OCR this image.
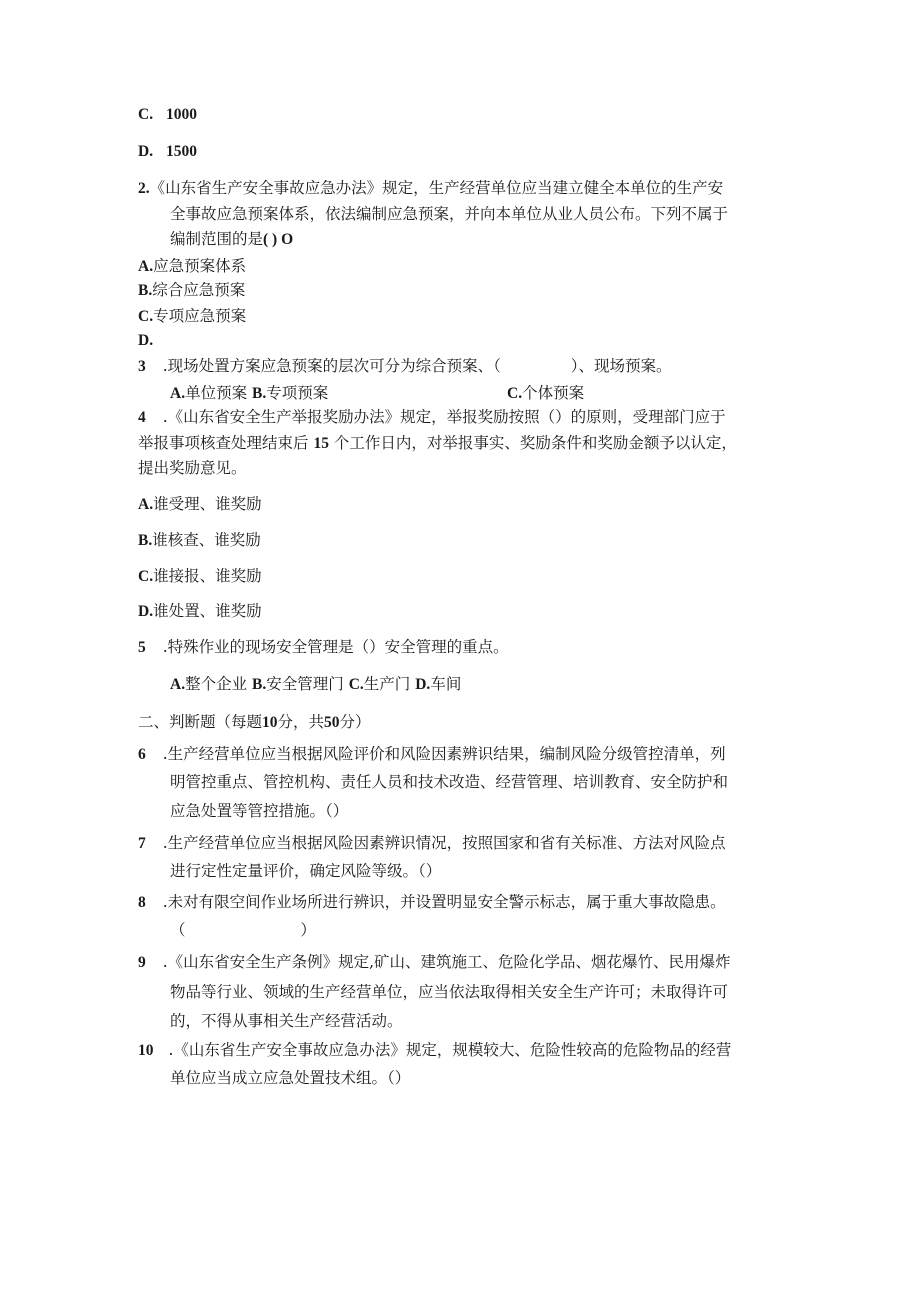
C. 1000
D. 1500
2.《山东省生产安全事故应急办法》规定，生产经营单位应当建立健全本单位的生产安
全事故应急预案体系，依法编制应急预案，并向本单位从业人员公布。下列不属于
编制范围的是( ) O
A.应急预案体系
B.综合应急预案
C.专项应急预案
D.
3 .现场处置方案应急预案的层次可分为综合预案、（	）、现场预案。
A.单位预案 B.专项预案	C.个体预案
4 .《山东省安全生产举报奖励办法》规定，举报奖励按照（）的原则，受理部门应于
举报事项核查处理结束后 15 个工作日内，对举报事实、奖励条件和奖励金额予以认定，
提出奖励意见。
A.谁受理、谁奖励
B.谁核查、谁奖励
C.谁接报、谁奖励
D.谁处置、谁奖励
5 .特殊作业的现场安全管理是（）安全管理的重点。
A.整个企业 B.安全管理门 C.生产门 D.车间
二、判断题（每题10分，共50分）
6 .生产经营单位应当根据风险评价和风险因素辨识结果，编制风险分级管控清单，列
明管控重点、管控机构、责任人员和技术改造、经营管理、培训教育、安全防护和
应急处置等管控措施。（）
7 .生产经营单位应当根据风险因素辨识情况，按照国家和省有关标准、方法对风险点
进行定性定量评价，确定风险等级。（）
8 .未对有限空间作业场所进行辨识，并设置明显安全警示标志，属于重大事故隐患。
（	）
9 .《山东省安全生产条例》规定,矿山、建筑施工、危险化学品、烟花爆竹、民用爆炸
物品等行业、领域的生产经营单位，应当依法取得相关安全生产许可；未取得许可
的，不得从事相关生产经营活动。
10 .《山东省生产安全事故应急办法》规定，规模较大、危险性较高的危险物品的经营
单位应当成立应急处置技术组。（）
